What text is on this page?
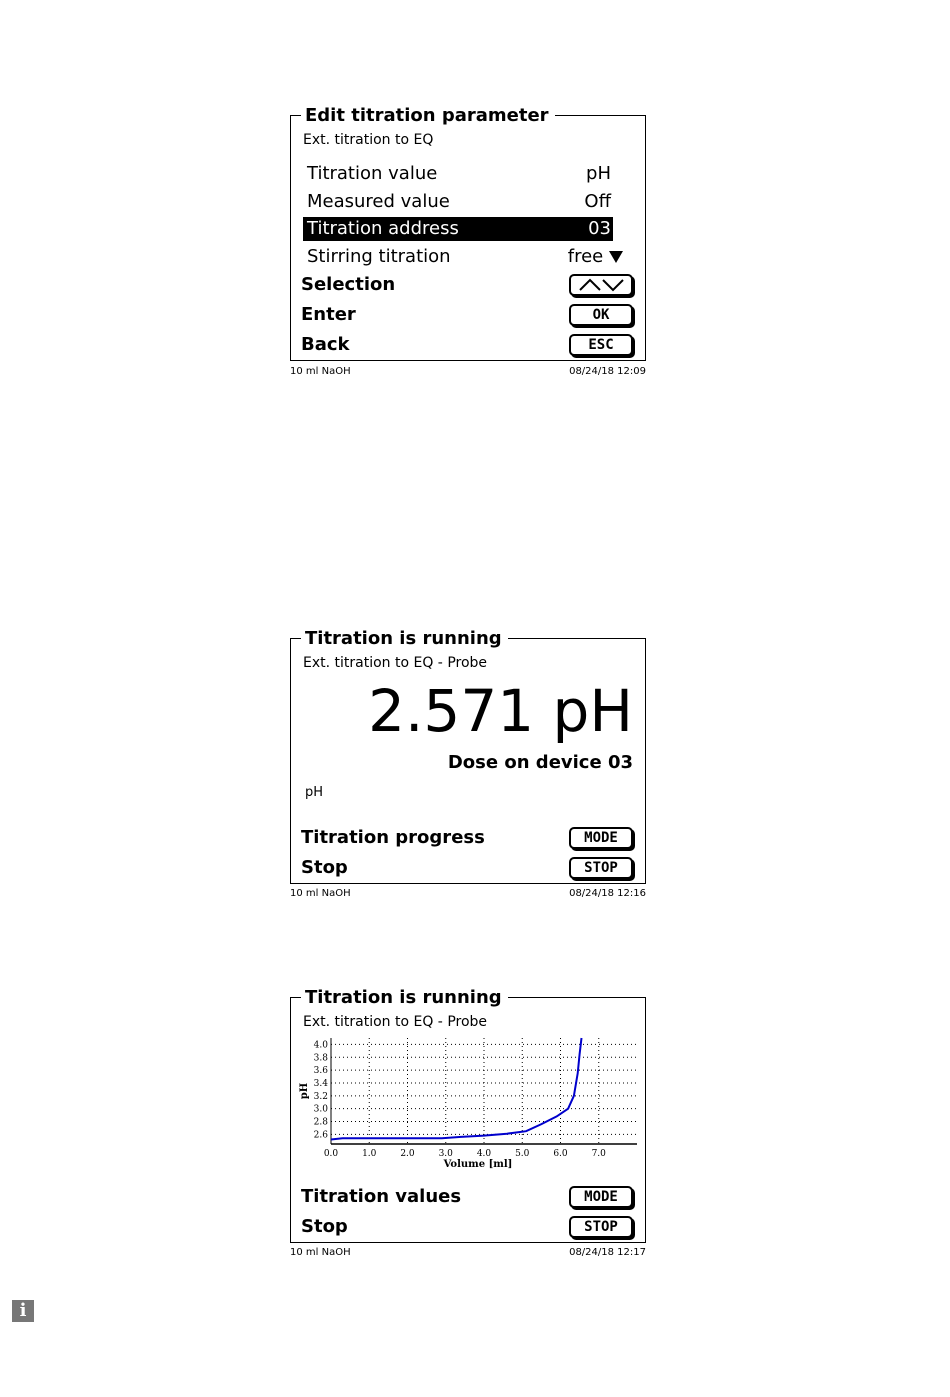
Edit titration parameter
Ext. titration to EQ
Titration value	pH
Measured value	Off
Titration address	03
Stirring titration	free
Selection
Enter	OK
Back	ESC
10 ml NaOH	08/24/18 12:09
Titration is running
Ext. titration to EQ - Probe
2.571 pH
Dose on device 03
pH
Titration progress	MODE
Stop	STOP
10 ml NaOH	08/24/18 12:16
Titration is running
Ext. titration to EQ - Probe
0.0	1.0	2.0	3.0	4.0	5.0	6.0	7.0
2.6
2.8
3.0
3.2
3.4
3.6
3.8
4.0
Volume [ml]
pH
Titration values	MODE
Stop	STOP
10 ml NaOH	08/24/18 12:17
i
